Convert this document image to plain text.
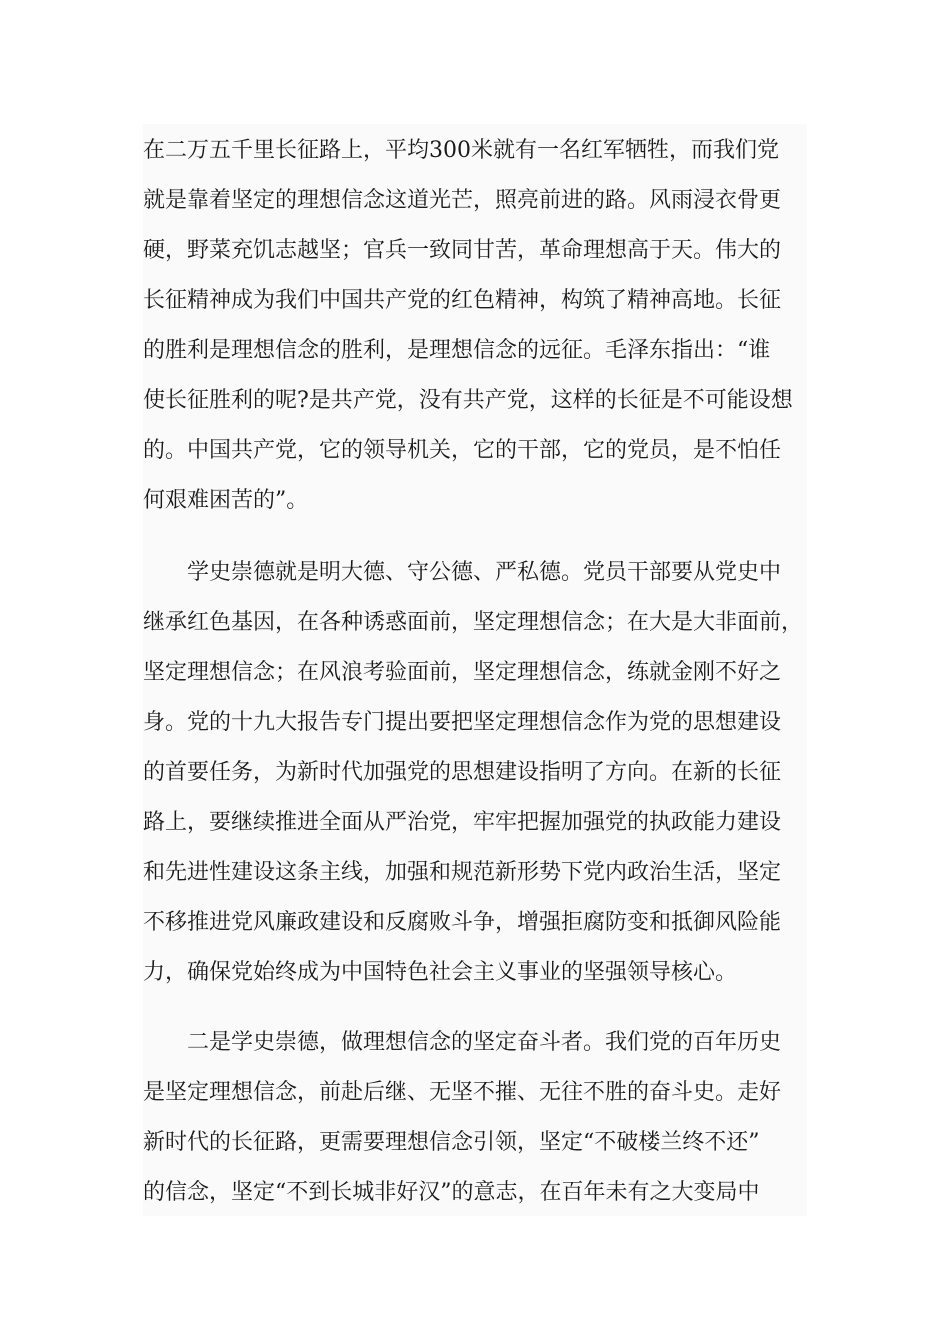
在二万五千里长征路上，平均300米就有一名红军牺牲，而我们党
就是靠着坚定的理想信念这道光芒，照亮前进的路。风雨浸衣骨更
硬，野菜充饥志越坚；官兵一致同甘苦，革命理想高于天。伟大的
长征精神成为我们中国共产党的红色精神，构筑了精神高地。长征
的胜利是理想信念的胜利，是理想信念的远征。毛泽东指出：“谁
使长征胜利的呢?是共产党，没有共产党，这样的长征是不可能设想
的。中国共产党，它的领导机关，它的干部，它的党员，是不怕任
何艰难困苦的”。
　　学史崇德就是明大德、守公德、严私德。党员干部要从党史中
继承红色基因，在各种诱惑面前，坚定理想信念；在大是大非面前，
坚定理想信念；在风浪考验面前，坚定理想信念，练就金刚不好之
身。党的十九大报告专门提出要把坚定理想信念作为党的思想建设
的首要任务，为新时代加强党的思想建设指明了方向。在新的长征
路上，要继续推进全面从严治党，牢牢把握加强党的执政能力建设
和先进性建设这条主线，加强和规范新形势下党内政治生活，坚定
不移推进党风廉政建设和反腐败斗争，增强拒腐防变和抵御风险能
力，确保党始终成为中国特色社会主义事业的坚强领导核心。
　　二是学史崇德，做理想信念的坚定奋斗者。我们党的百年历史
是坚定理想信念，前赴后继、无坚不摧、无往不胜的奋斗史。走好
新时代的长征路，更需要理想信念引领，坚定“不破楼兰终不还”
的信念，坚定“不到长城非好汉”的意志，在百年未有之大变局中
